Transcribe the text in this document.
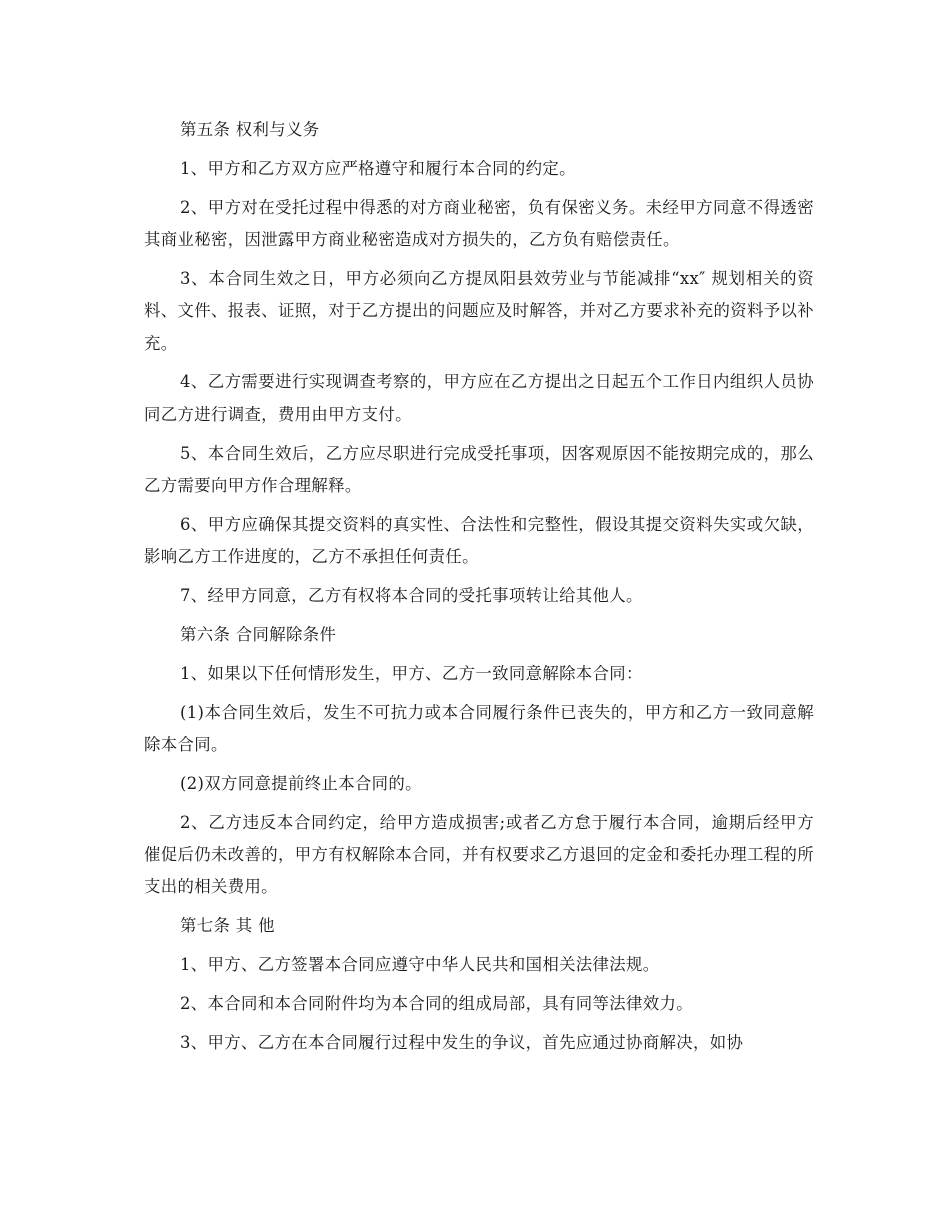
第五条 权利与义务

1、甲方和乙方双方应严格遵守和履行本合同的约定。

2、甲方对在受托过程中得悉的对方商业秘密，负有保密义务。未经甲方同意不得透密其商业秘密，因泄露甲方商业秘密造成对方损失的，乙方负有赔偿责任。

3、本合同生效之日，甲方必须向乙方提凤阳县效劳业与节能减排“xx″ 规划相关的资料、文件、报表、证照，对于乙方提出的问题应及时解答，并对乙方要求补充的资料予以补充。

4、乙方需要进行实现调查考察的，甲方应在乙方提出之日起五个工作日内组织人员协同乙方进行调查，费用由甲方支付。

5、本合同生效后，乙方应尽职进行完成受托事项，因客观原因不能按期完成的，那么乙方需要向甲方作合理解释。

6、甲方应确保其提交资料的真实性、合法性和完整性，假设其提交资料失实或欠缺，影响乙方工作进度的，乙方不承担任何责任。

7、经甲方同意，乙方有权将本合同的受托事项转让给其他人。

第六条 合同解除条件

1、如果以下任何情形发生，甲方、乙方一致同意解除本合同：

(1)本合同生效后，发生不可抗力或本合同履行条件已丧失的，甲方和乙方一致同意解除本合同。

(2)双方同意提前终止本合同的。

2、乙方违反本合同约定，给甲方造成损害;或者乙方怠于履行本合同，逾期后经甲方催促后仍未改善的，甲方有权解除本合同，并有权要求乙方退回的定金和委托办理工程的所支出的相关费用。

第七条 其 他

1、甲方、乙方签署本合同应遵守中华人民共和国相关法律法规。

2、本合同和本合同附件均为本合同的组成局部，具有同等法律效力。

3、甲方、乙方在本合同履行过程中发生的争议，首先应通过协商解决，如协
